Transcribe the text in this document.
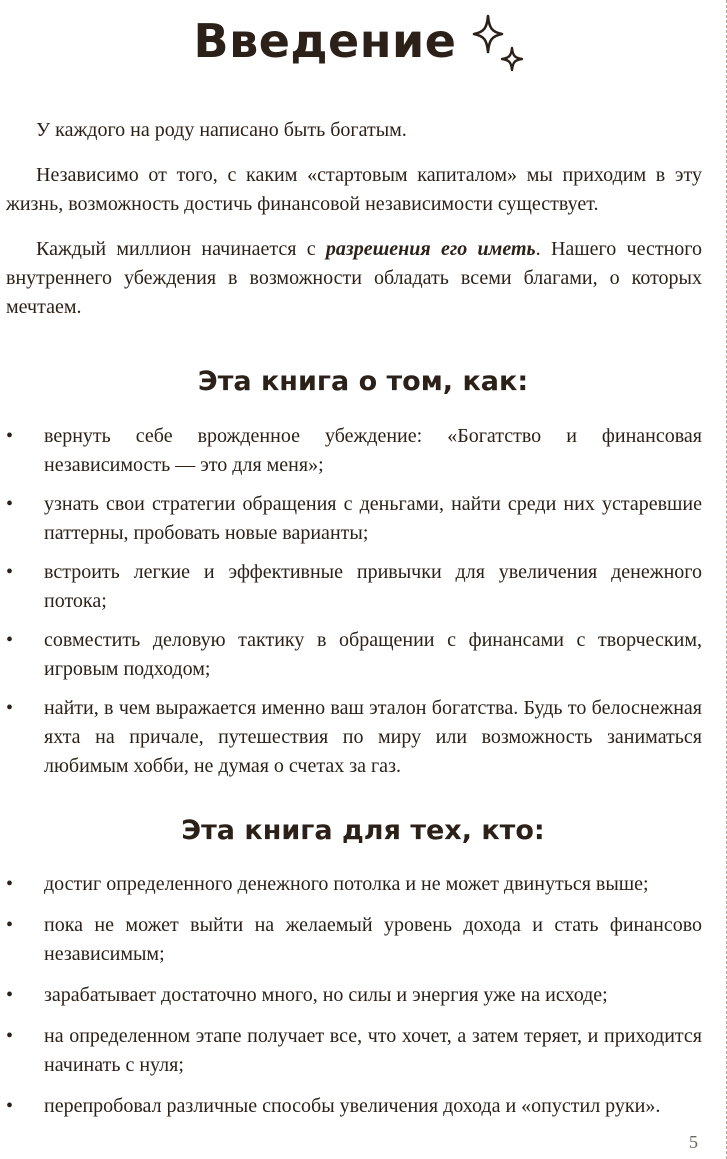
Введение

У каждого на роду написано быть богатым.

Независимо от того, с каким «стартовым капиталом» мы приходим в эту жизнь, возможность достичь финансовой независимости существует.

Каждый миллион начинается с разрешения его иметь. Нашего честного внутреннего убеждения в возможности обладать всеми благами, о которых мечтаем.

Эта книга о том, как:
• вернуть себе врожденное убеждение: «Богатство и финансовая независимость — это для меня»;
• узнать свои стратегии обращения с деньгами, найти среди них устаревшие паттерны, пробовать новые варианты;
• встроить легкие и эффективные привычки для увеличения денежного потока;
• совместить деловую тактику в обращении с финансами с творческим, игровым подходом;
• найти, в чем выражается именно ваш эталон богатства. Будь то белоснежная яхта на причале, путешествия по миру или возможность заниматься любимым хобби, не думая о счетах за газ.
Эта книга для тех, кто:
• достиг определенного денежного потолка и не может двинуться выше;
• пока не может выйти на желаемый уровень дохода и стать финансово независимым;
• зарабатывает достаточно много, но силы и энергия уже на исходе;
• на определенном этапе получает все, что хочет, а затем теряет, и приходится начинать с нуля;
• перепробовал различные способы увеличения дохода и «опустил руки».
5
